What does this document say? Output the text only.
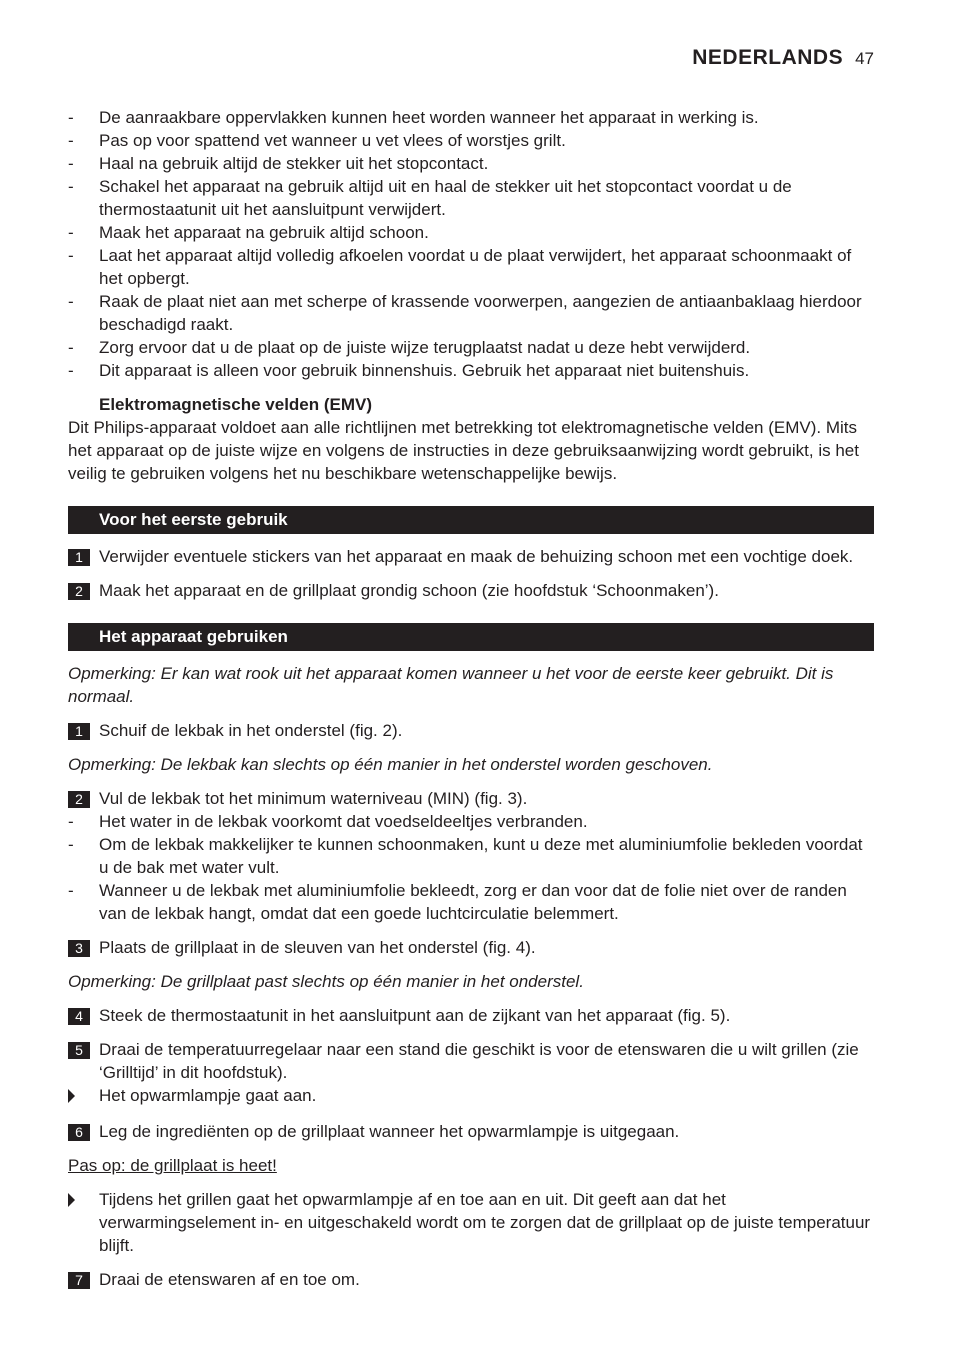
NEDERLANDS 47
-
De aanraakbare oppervlakken kunnen heet worden wanneer het apparaat in werking is.
-
Pas op voor spattend vet wanneer u vet vlees of worstjes grilt.
-
Haal na gebruik altijd de stekker uit het stopcontact.
-
Schakel het apparaat na gebruik altijd uit en haal de stekker uit het stopcontact voordat u de thermostaatunit uit het aansluitpunt verwijdert.
-
Maak het apparaat na gebruik altijd schoon.
-
Laat het apparaat altijd volledig afkoelen voordat u de plaat verwijdert, het apparaat schoonmaakt of het opbergt.
-
Raak de plaat niet aan met scherpe of krassende voorwerpen, aangezien de antiaanbaklaag hierdoor beschadigd raakt.
-
Zorg ervoor dat u de plaat op de juiste wijze terugplaatst nadat u deze hebt verwijderd.
-
Dit apparaat is alleen voor gebruik binnenshuis. Gebruik het apparaat niet buitenshuis.
Elektromagnetische velden (EMV)
Dit Philips-apparaat voldoet aan alle richtlijnen met betrekking tot elektromagnetische velden (EMV). Mits het apparaat op de juiste wijze en volgens de instructies in deze gebruiksaanwijzing wordt gebruikt, is het veilig te gebruiken volgens het nu beschikbare wetenschappelijke bewijs.
Voor het eerste gebruik
1 Verwijder eventuele stickers van het apparaat en maak de behuizing schoon met een vochtige doek.
2 Maak het apparaat en de grillplaat grondig schoon (zie hoofdstuk ‘Schoonmaken’).
Het apparaat gebruiken
Opmerking: Er kan wat rook uit het apparaat komen wanneer u het voor de eerste keer gebruikt. Dit is normaal.
1 Schuif de lekbak in het onderstel (fig. 2).
Opmerking: De lekbak kan slechts op één manier in het onderstel worden geschoven.
2 Vul de lekbak tot het minimum waterniveau (MIN) (fig. 3).
-
Het water in de lekbak voorkomt dat voedseldeeltjes verbranden.
-
Om de lekbak makkelijker te kunnen schoonmaken, kunt u deze met aluminiumfolie bekleden voordat u de bak met water vult.
-
Wanneer u de lekbak met aluminiumfolie bekleedt, zorg er dan voor dat de folie niet over de randen van de lekbak hangt, omdat dat een goede luchtcirculatie belemmert.
3 Plaats de grillplaat in de sleuven van het onderstel (fig. 4).
Opmerking: De grillplaat past slechts op één manier in het onderstel.
4 Steek de thermostaatunit in het aansluitpunt aan de zijkant van het apparaat (fig. 5).
5 Draai de temperatuurregelaar naar een stand die geschikt is voor de etenswaren die u wilt grillen (zie ‘Grilltijd’ in dit hoofdstuk).
Het opwarmlampje gaat aan.
6 Leg de ingrediënten op de grillplaat wanneer het opwarmlampje is uitgegaan.
Pas op: de grillplaat is heet!
Tijdens het grillen gaat het opwarmlampje af en toe aan en uit. Dit geeft aan dat het verwarmingselement in- en uitgeschakeld wordt om te zorgen dat de grillplaat op de juiste temperatuur blijft.
7 Draai de etenswaren af en toe om.
